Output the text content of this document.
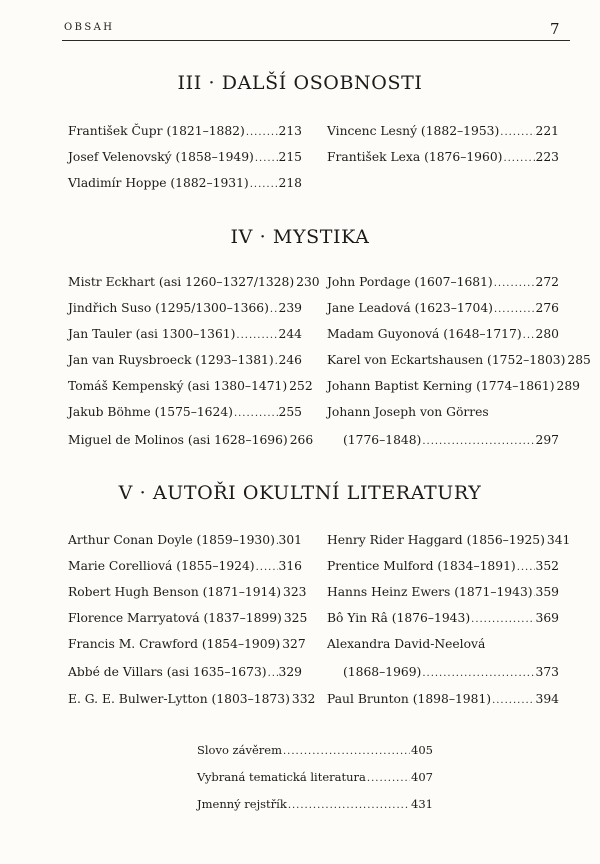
OBSAH	7
III · DALŠÍ OSOBNOSTI
František Čupr (1821–1882) .....	213
Josef Velenovský (1858–1949) ..... 215
Vladimír Hoppe (1882–1931) ..... 218
Vincenc Lesný (1882–1953) .....	221
František Lexa (1876–1960) .....	223
IV · MYSTIKA
Mistr Eckhart (asi 1260–1327/1328) 230
Jindřich Suso (1295/1300–1366) ..... 239
Jan Tauler (asi 1300–1361) .....	244
Jan van Ruysbroeck (1293–1381) ..... 246
Tomáš Kempenský (asi 1380–1471) 252
Jakub Böhme (1575–1624) .....	255
Miguel de Molinos (asi 1628–1696) 266
John Pordage (1607–1681) .....	272
Jane Leadová (1623–1704) .....	276
Madam Guyonová (1648–1717) ..... 280
Karel von Eckartshausen (1752–1803) 285
Johann Baptist Kerning (1774–1861) 289
Johann Joseph von Görres
(1776–1848) .....	297
V · AUTOŘI OKULTNÍ LITERATURY
Arthur Conan Doyle (1859–1930) ..... 301
Marie Corelliová (1855–1924) ..... 316
Robert Hugh Benson (1871–1914) 323
Florence Marryatová (1837–1899) 325
Francis M. Crawford (1854–1909) 327
Abbé de Villars (asi 1635–1673) ..... 329
E. G. E. Bulwer-Lytton (1803–1873) 332
Henry Rider Haggard (1856–1925) 341
Prentice Mulford (1834–1891) ..... 352
Hanns Heinz Ewers (1871–1943) ..... 359
Bô Yin Râ (1876–1943) .....	369
Alexandra David-Neelová
(1868–1969) .....	373
Paul Brunton (1898–1981) .....	394
Slovo závěrem .....	405
Vybraná tematická literatura .....	407
Jmenný rejstřík .....	431
